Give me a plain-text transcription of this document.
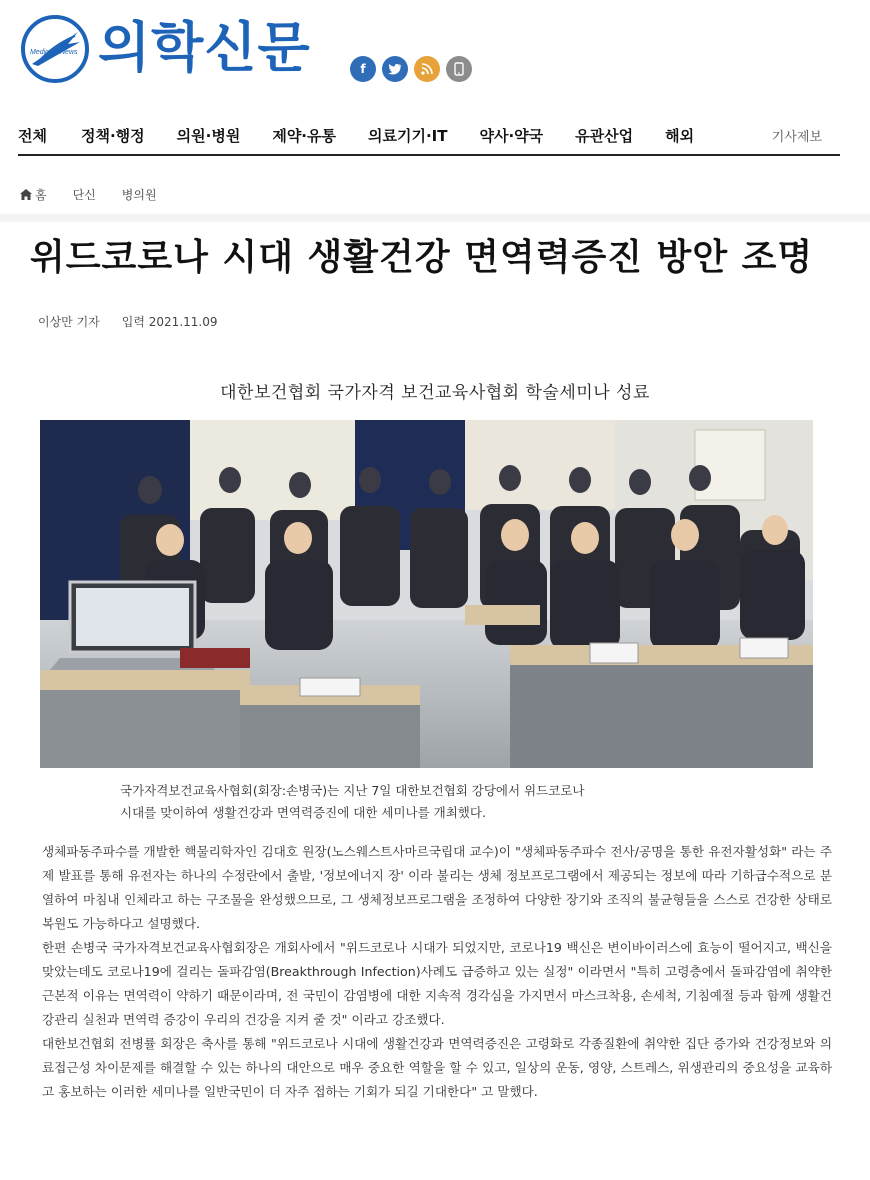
Medical News 의학신문	f
전체 정책·행정 의원·병원 제약·유통 의료기기·IT 약사·약국 유관산업 해외	기사제보
홈 단신 병의원
위드코로나 시대 생활건강 면역력증진 방안 조명
이상만 기자 입력 2021.11.09
대한보건협회 국가자격 보건교육사협회 학술세미나 성료
국가자격보건교육사협회(회장:손병국)는 지난 7일 대한보건협회 강당에서 위드코로나
시대를 맞이하여 생활건강과 면역력증진에 대한 세미나를 개최했다.

생체파동주파수를 개발한 핵물리학자인 김대호 원장(노스웨스트사마르국립대 교수)이 "생체파동주파수 전사/공명을 통한 유전자활성화" 라는 주제 발표를 통해 유전자는 하나의 수정란에서 출발, '정보에너지 장' 이라 불리는 생체 정보프로그램에서 제공되는 정보에 따라 기하급수적으로 분열하여 마침내 인체라고 하는 구조물을 완성했으므로, 그 생체정보프로그램을 조정하여 다양한 장기와 조직의 불균형들을 스스로 건강한 상태로 복원도 가능하다고 설명했다.

한편 손병국 국가자격보건교육사협회장은 개회사에서 "위드코로나 시대가 되었지만, 코로나19 백신은 변이바이러스에 효능이 떨어지고, 백신을 맞았는데도 코로나19에 걸리는 돌파감염(Breakthrough Infection)사례도 급증하고 있는 실정" 이라면서 "특히 고령층에서 돌파감염에 취약한 근본적 이유는 면역력이 약하기 때문이라며, 전 국민이 감염병에 대한 지속적 경각심을 가지면서 마스크착용, 손세척, 기침예절 등과 함께 생활건강관리 실천과 면역력 증강이 우리의 건강을 지켜 줄 것" 이라고 강조했다.

대한보건협회 전병률 회장은 축사를 통해 "위드코로나 시대에 생활건강과 면역력증진은 고령화로 각종질환에 취약한 집단 증가와 건강정보와 의료접근성 차이문제를 해결할 수 있는 하나의 대안으로 매우 중요한 역할을 할 수 있고, 일상의 운동, 영양, 스트레스, 위생관리의 중요성을 교육하고 홍보하는 이러한 세미나를 일반국민이 더 자주 접하는 기회가 되길 기대한다" 고 말했다.
